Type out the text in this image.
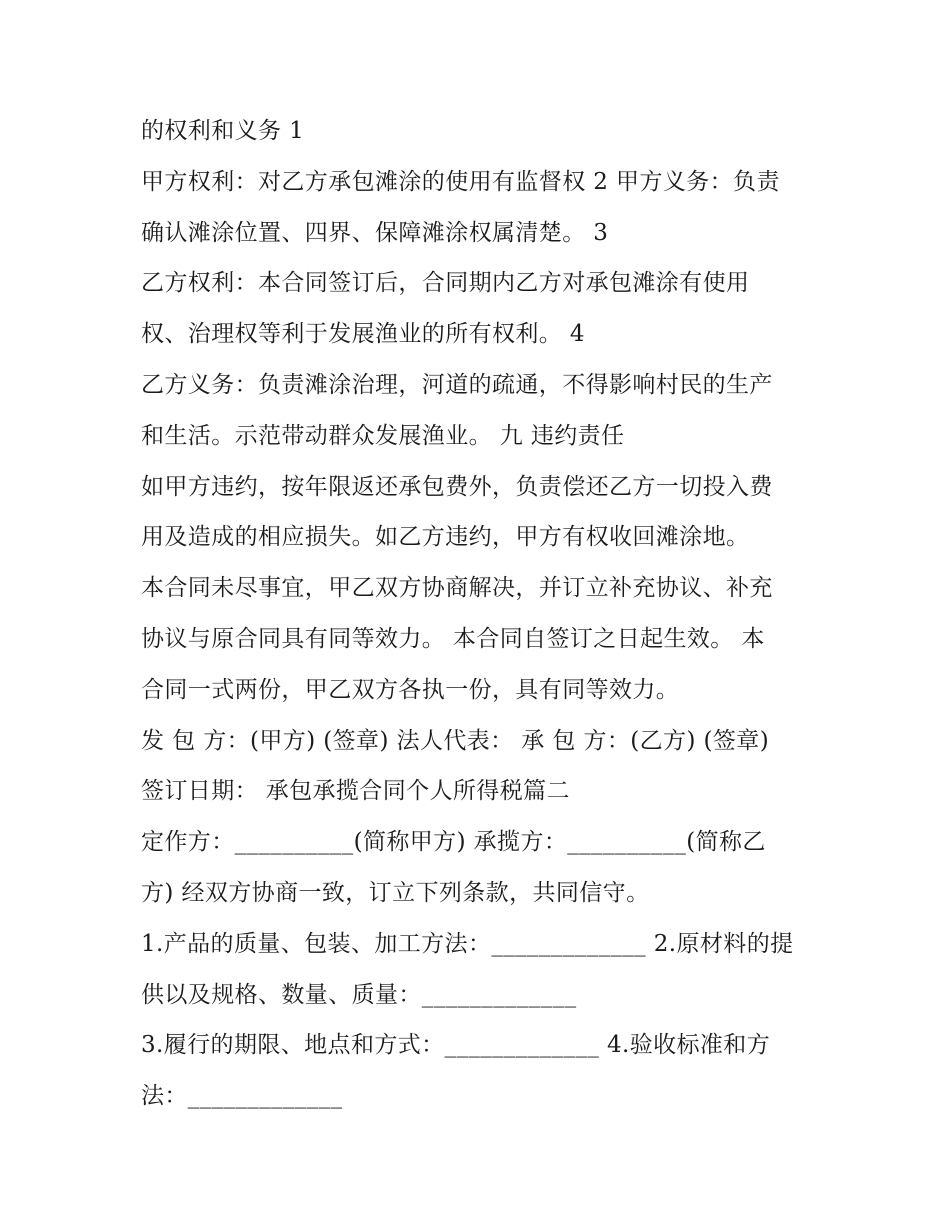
的权利和义务 1
甲方权利：对乙方承包滩涂的使用有监督权 2 甲方义务：负责
确认滩涂位置、四界、保障滩涂权属清楚。 3
乙方权利：本合同签订后，合同期内乙方对承包滩涂有使用
权、治理权等利于发展渔业的所有权利。 4
乙方义务：负责滩涂治理，河道的疏通，不得影响村民的生产
和生活。示范带动群众发展渔业。 九 违约责任
如甲方违约，按年限返还承包费外，负责偿还乙方一切投入费
用及造成的相应损失。如乙方违约，甲方有权收回滩涂地。
本合同未尽事宜，甲乙双方协商解决，并订立补充协议、补充
协议与原合同具有同等效力。 本合同自签订之日起生效。 本
合同一式两份，甲乙双方各执一份，具有同等效力。
发 包 方：(甲方) (签章) 法人代表： 承 包 方：(乙方) (签章)
签订日期： 承包承揽合同个人所得税篇二
定作方：__________(简称甲方) 承揽方：__________(简称乙
方) 经双方协商一致，订立下列条款，共同信守。
1.产品的质量、包装、加工方法：_____________ 2.原材料的提
供以及规格、数量、质量：_____________
3.履行的期限、地点和方式：_____________ 4.验收标准和方
法：_____________
